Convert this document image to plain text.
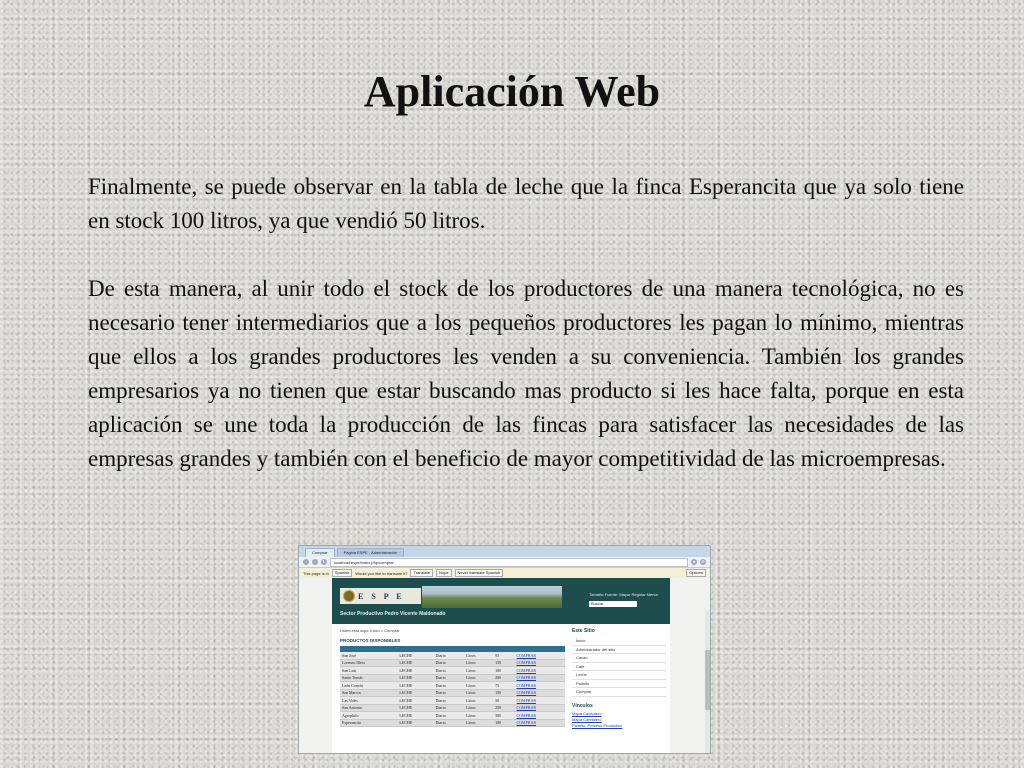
Aplicación Web
Finalmente, se puede observar en la tabla de leche que la finca Esperancita que ya solo tiene en stock 100 litros, ya que vendió 50 litros.
De esta manera, al unir todo el stock de los productores de una manera tecnológica, no es necesario tener intermediarios que a los pequeños productores les pagan lo mínimo, mientras que ellos a los grandes productores les venden a su conveniencia. También los grandes empresarios ya no tienen que estar buscando mas producto si les hace falta, porque en esta aplicación se une toda la producción de las fincas para satisfacer las necesidades de las empresas grandes y también con el beneficio de mayor competitividad de las microempresas.
Comprar	Página ESPE - Administración
‹	›	↻	localhost/espe/index.php/comprar	★	⚙
This page is in	Spanish	Would you like to translate it?	Translate	Nope	Never translate Spanish	Options
E S P E
Sector Productivo Pedro Vicente Maldonado
Tamaño Fuente: Mayor Regular Menor
Buscar
Usted está aquí: Inicio > Comprar
PRODUCTOS DISPONIBLES

San José	LECHE	Diario	Litros	95	COMPRAR
Lorenzo Illera	LECHE	Diario	Litros	150	COMPRAR
San Luis	LECHE	Diario	Litros	100	COMPRAR
Santo Tomás	LECHE	Diario	Litros	200	COMPRAR
León Conchi	LECHE	Diario	Litros	75	COMPRAR
San Marcos	LECHE	Diario	Litros	150	COMPRAR
Las Vides	LECHE	Diario	Litros	50	COMPRAR
San Antonio	LECHE	Diario	Litros	250	COMPRAR
Agrophilo	LECHE	Diario	Litros	300	COMPRAR
Esperancita	LECHE	Diario	Litros	100	COMPRAR
Este Sitio
Inicio
Administrador del sitio
Cacao
Café
Leche
Palmito
Comprar
Vínculos
Mapa Cacaotero
Mapa Cafetalero
Palmito, Proceso Productivo
